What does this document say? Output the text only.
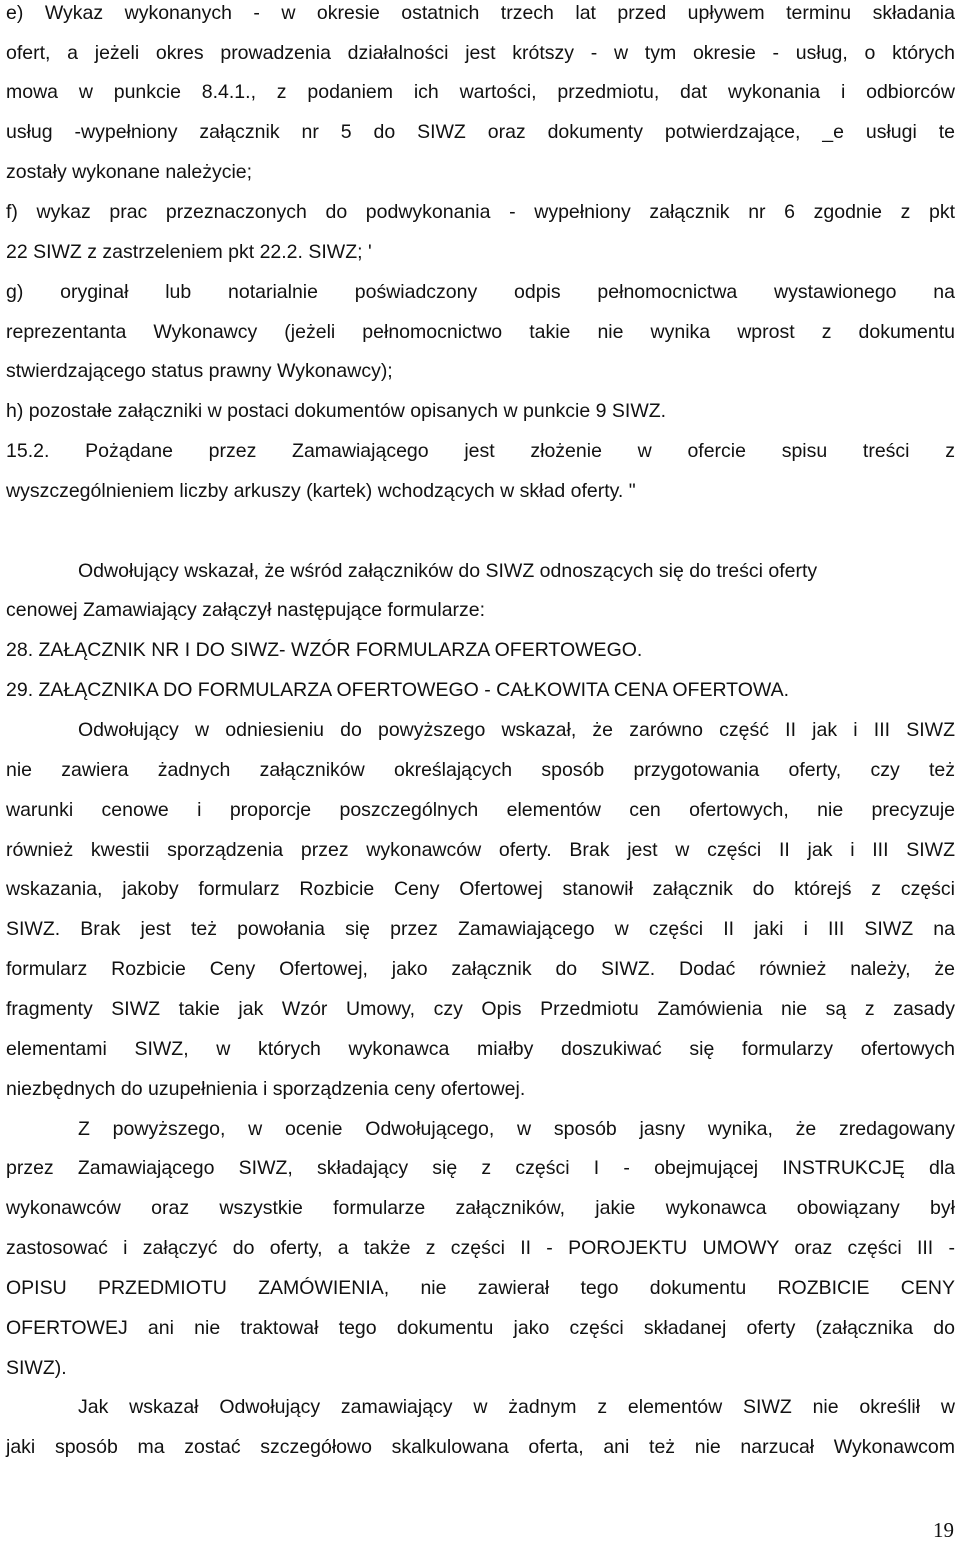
e) Wykaz wykonanych - w okresie ostatnich trzech lat przed upływem terminu składania
ofert, a jeżeli okres prowadzenia działalności jest krótszy - w tym okresie - usług, o których
mowa w punkcie 8.4.1., z podaniem ich wartości, przedmiotu, dat wykonania i odbiorców
usług -wypełniony załącznik nr 5 do SIWZ oraz dokumenty potwierdzające, _e usługi te
zostały wykonane należycie;
f) wykaz prac przeznaczonych do podwykonania - wypełniony załącznik nr 6 zgodnie z pkt
22 SIWZ z zastrzeleniem pkt 22.2. SIWZ; '
g) oryginał lub notarialnie poświadczony odpis pełnomocnictwa wystawionego na
reprezentanta Wykonawcy (jeżeli pełnomocnictwo takie nie wynika wprost z dokumentu
stwierdzającego status prawny Wykonawcy);
h) pozostałe załączniki w postaci dokumentów opisanych w punkcie 9 SIWZ.
15.2. Pożądane przez Zamawiającego jest złożenie w ofercie spisu treści z
wyszczególnieniem liczby arkuszy (kartek) wchodzących w skład oferty. "
Odwołujący wskazał, że wśród załączników do SIWZ odnoszących się do treści oferty
cenowej Zamawiający załączył następujące formularze:
28. ZAŁĄCZNIK NR I DO SIWZ- WZÓR FORMULARZA OFERTOWEGO.
29. ZAŁĄCZNIKA DO FORMULARZA OFERTOWEGO - CAŁKOWITA CENA OFERTOWA.
Odwołujący w odniesieniu do powyższego wskazał, że zarówno część II jak i III SIWZ
nie zawiera żadnych załączników określających sposób przygotowania oferty, czy też
warunki cenowe i proporcje poszczególnych elementów cen ofertowych, nie precyzuje
również kwestii sporządzenia przez wykonawców oferty. Brak jest w części II jak i III SIWZ
wskazania, jakoby formularz Rozbicie Ceny Ofertowej stanowił załącznik do którejś z części
SIWZ. Brak jest też powołania się przez Zamawiającego w części II jaki i III SIWZ na
formularz Rozbicie Ceny Ofertowej, jako załącznik do SIWZ. Dodać również należy, że
fragmenty SIWZ takie jak Wzór Umowy, czy Opis Przedmiotu Zamówienia nie są z zasady
elementami SIWZ, w których wykonawca miałby doszukiwać się formularzy ofertowych
niezbędnych do uzupełnienia i sporządzenia ceny ofertowej.
Z powyższego, w ocenie Odwołującego, w sposób jasny wynika, że zredagowany
przez Zamawiającego SIWZ, składający się z części I - obejmującej INSTRUKCJĘ dla
wykonawców oraz wszystkie formularze załączników, jakie wykonawca obowiązany był
zastosować i załączyć do oferty, a także z części II - POROJEKTU UMOWY oraz części III -
OPISU PRZEDMIOTU ZAMÓWIENIA, nie zawierał tego dokumentu ROZBICIE CENY
OFERTOWEJ ani nie traktował tego dokumentu jako części składanej oferty (załącznika do
SIWZ).
Jak wskazał Odwołujący zamawiający w żadnym z elementów SIWZ nie określił w
jaki sposób ma zostać szczegółowo skalkulowana oferta, ani też nie narzucał Wykonawcom
19
